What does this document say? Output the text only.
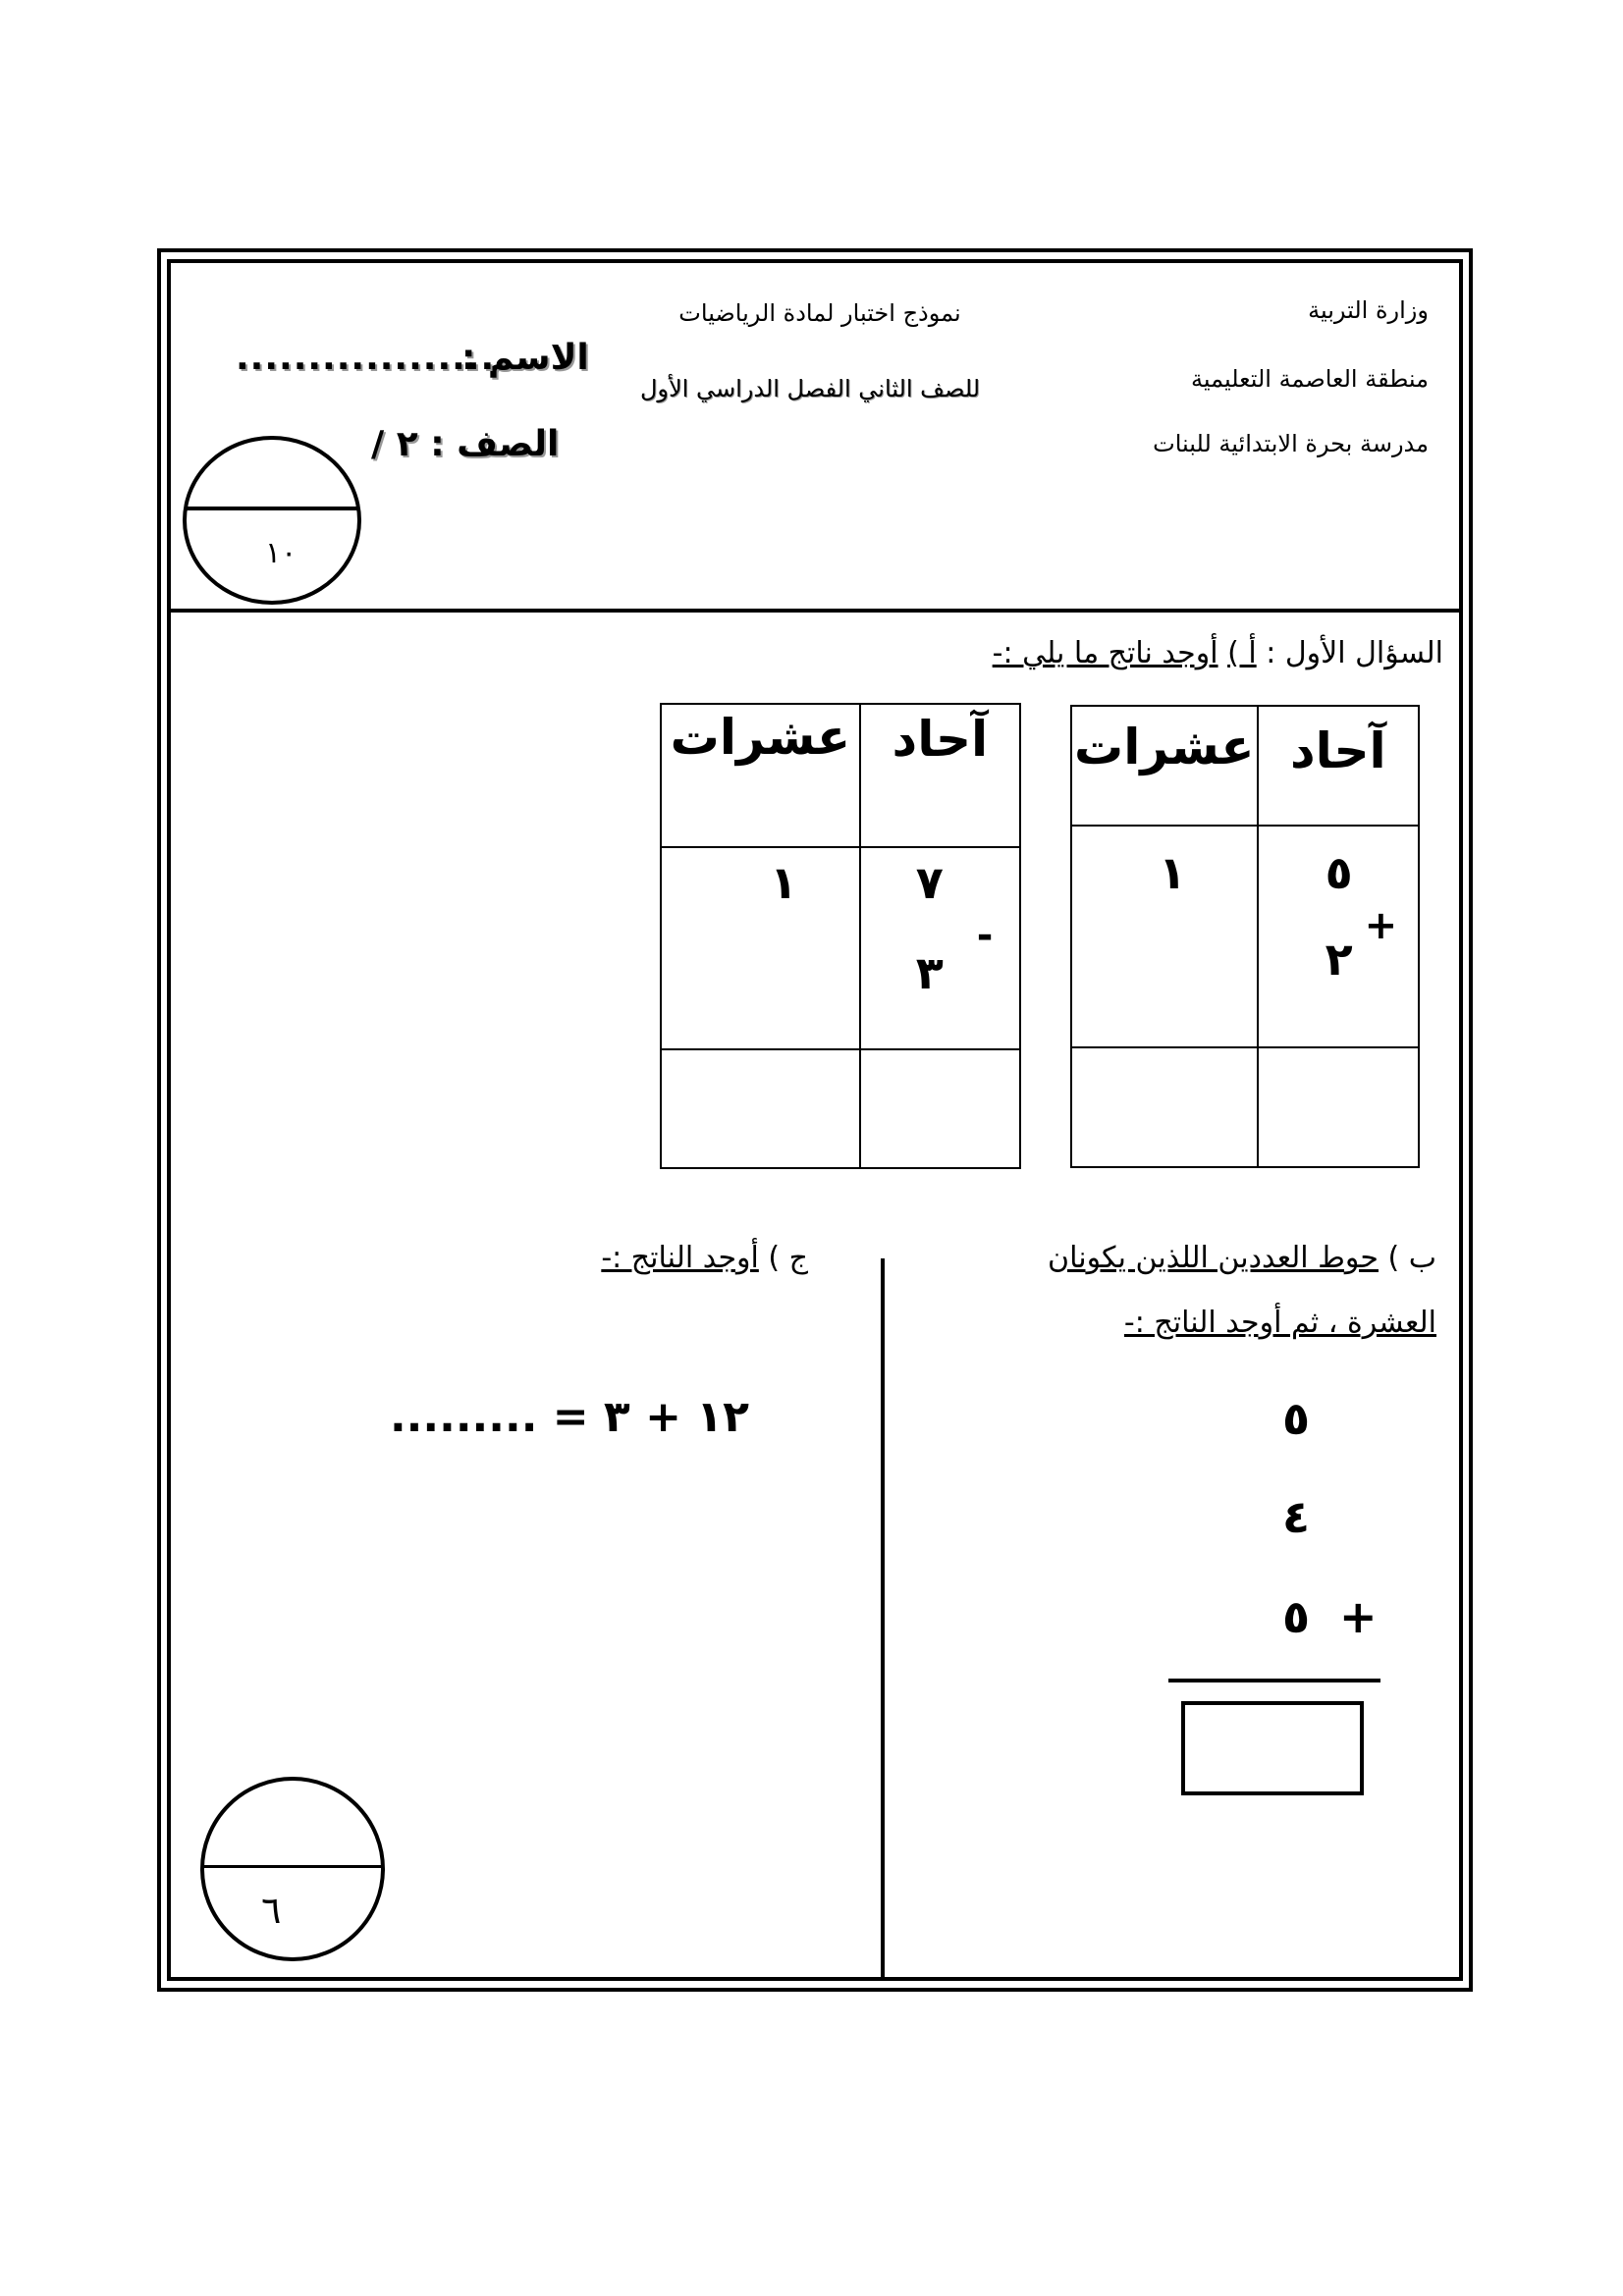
وزارة التربية
منطقة العاصمة التعليمية
مدرسة بحرة الابتدائية للبنات
نموذج اختبار لمادة الرياضيات
للصف الثاني الفصل الدراسي الأول
الاسم :
..................
الصف : ٢ /
١٠
السؤال الأول : أ ) أوجد ناتج ما يلي :-
عشرات	آحاد

١	٥
+
٢

عشرات	آحاد

١	٧
-
٣

ب ) حوط العددين اللذين يكونان
العشرة ، ثم أوجد الناتج :-
٥
٤
٥ +
ج ) أوجد الناتج :-
١٢ + ٣ = .........
٦
